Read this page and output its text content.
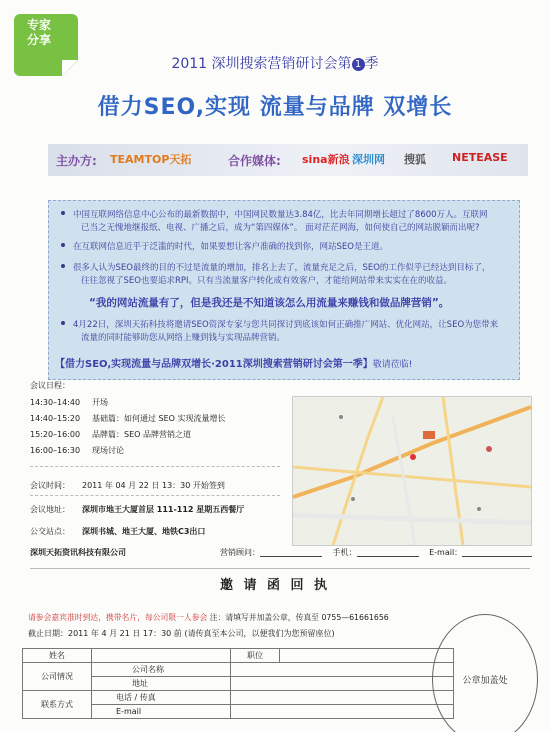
专家
分享
2011 深圳搜索营销研讨会第 1 季
借力SEO,实现 流量与品牌 双增长
主办方: TEAMTOP天拓	合作媒体: sina新浪 深圳网 搜狐 NETEASE
中国互联网络信息中心公布的最新数据中，中国网民数量达3.84亿，比去年同期增长超过了8600万人。互联网
已当之无愧地继报纸、电视、广播之后，成为“第四媒体”。 面对茫茫网海，如何使自己的网站脱颖而出呢?
在互联网信息近乎于泛滥的时代，如果要想让客户准确的找到你，网站SEO是王道。
很多人认为SEO最终的目的不过是流量的增加，排名上去了，流量充足之后，SEO的工作似乎已经达到目标了，
往往忽视了SEO也要追求RPI。只有当流量客户转化成有效客户，才能给网站带来实实在在的收益。
“我的网站流量有了，但是我还是不知道该怎么用流量来赚钱和做品牌营销”。
4月22日，深圳天拓科技将邀请SEO资深专家与您共同探讨到底该如何正确推广网站、优化网站，让SEO为您带来
流量的同时能够助您从网络上赚到钱与实现品牌营销。
【借力SEO,实现流量与品牌双增长·2011深圳搜索营销研讨会第一季】敬请莅临!
会议日程：
14:30–14:40 开场
14:40–15:20 基础篇：如何通过 SEO 实现流量增长
15:20–16:00 品牌篇：SEO 品牌营销之道
16:00–16:30 现场讨论
会议时间： 2011 年 04 月 22 日 13：30 开始签到
会议地址： 深圳市地王大厦首层 111-112 星期五西餐厅
公交站点： 深圳书城、地王大厦、地铁C3出口
深圳天拓资讯科技有限公司	营销顾问：	手机：	E-mail：
邀 请 函 回 执
请参会嘉宾准时到达，携带名片，每公司限一人参会 注：请填写并加盖公章，传真至 0755—61661656
截止日期：2011 年 4 月 21 日 17：30 前 (请传真至本公司，以便我们为您预留座位)
姓名		职位	
公司情况	公司名称		
	地址		
联系方式	电话 / 传真		
	E-mail		
公章加盖处
